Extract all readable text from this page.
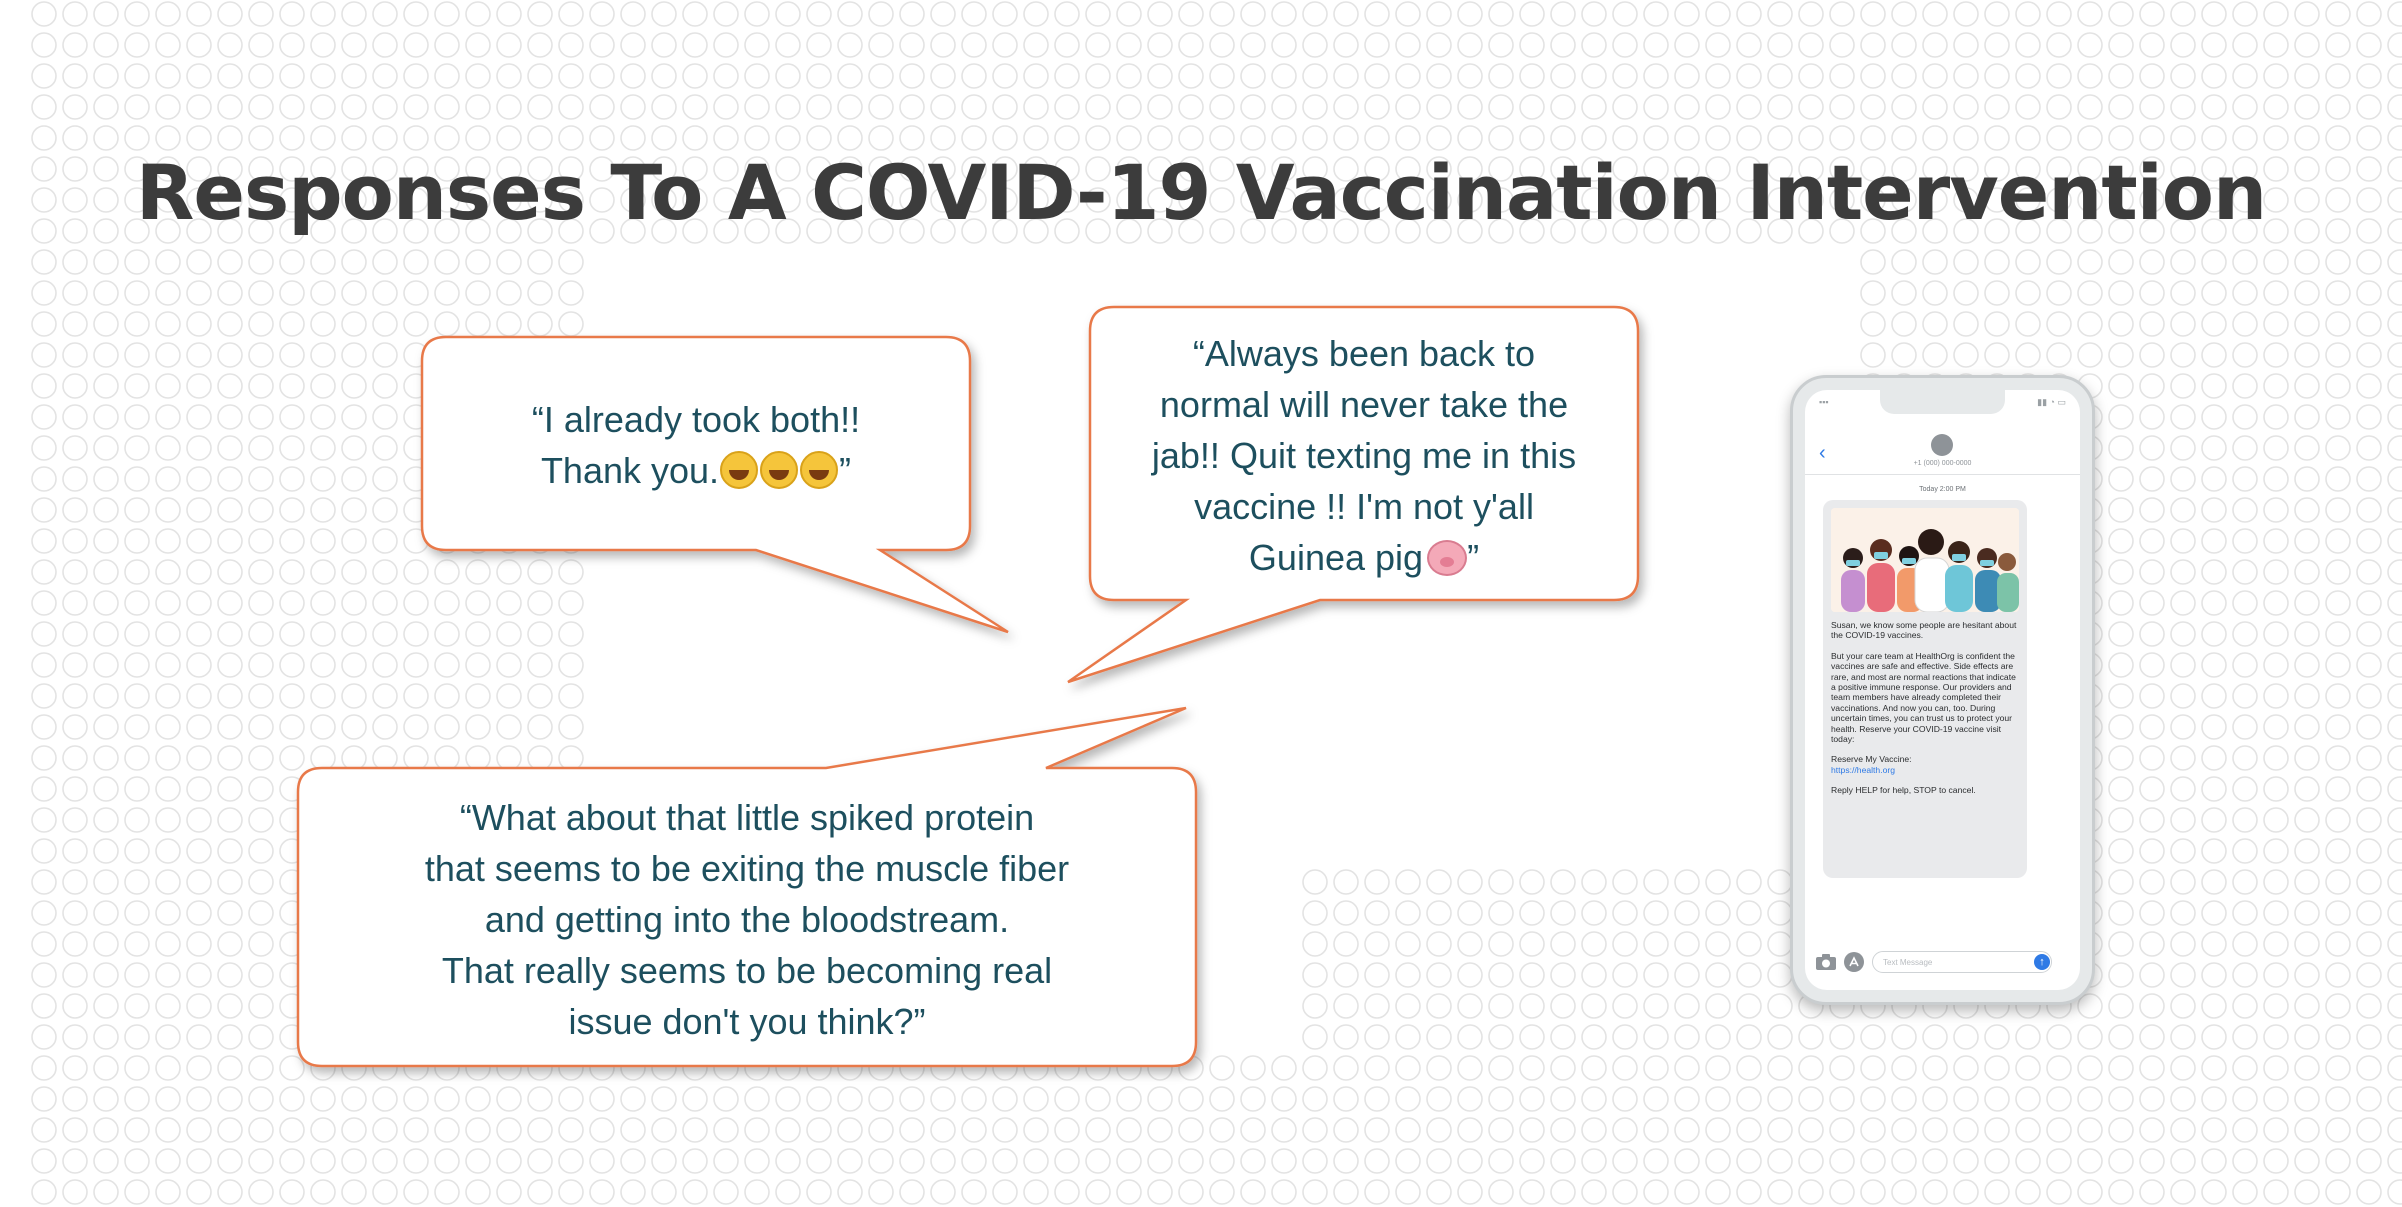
Responses To A COVID-19 Vaccination Intervention
“I already took both!!
Thank you.	”
“Always been back to
normal will never take the
jab!! Quit texting me in this
vaccine !! I'm not y'all
Guinea pig ”
“What about that little spiked protein
that seems to be exiting the muscle fiber
and getting into the bloodstream.
That really seems to be becoming real
issue don't you think?”
▪▪▪	▮▮ ◔ ▭
‹	+1 (000) 000-0000
Today 2:00 PM

Susan, we know some people are hesitant about the COVID-19 vaccines.

But your care team at HealthOrg is confident the vaccines are safe and effective. Side effects are rare, and most are normal reactions that indicate a positive immune response. Our providers and team members have already completed their vaccinations. And now you can, too. During uncertain times, you can trust us to protect your health. Reserve your COVID-19 vaccine visit today:

Reserve My Vaccine:
https://health.org

Reply HELP for help, STOP to cancel.

Text Message	↑
